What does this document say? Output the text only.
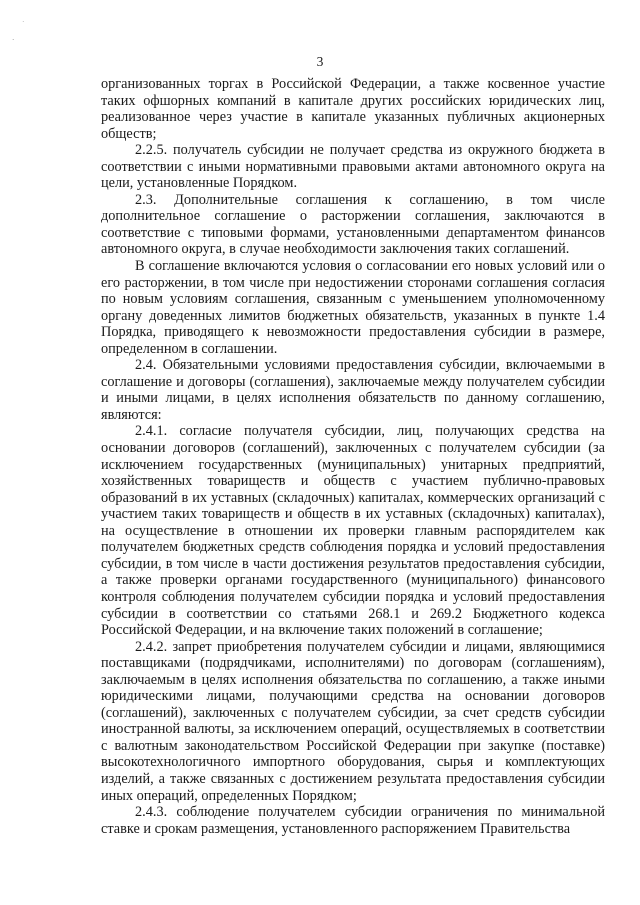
˙
·
3

организованных торгах в Российской Федерации, а также косвенное участие таких офшорных компаний в капитале других российских юридических лиц, реализованное через участие в капитале указанных публичных акционерных обществ;

2.2.5. получатель субсидии не получает средства из окружного бюджета в соответствии с иными нормативными правовыми актами автономного округа на цели, установленные Порядком.

2.3. Дополнительные соглашения к соглашению, в том числе дополнительное соглашение о расторжении соглашения, заключаются в соответствие с типовыми формами, установленными департаментом финансов автономного округа, в случае необходимости заключения таких соглашений.

В соглашение включаются условия о согласовании его новых условий или о его расторжении, в том числе при недостижении сторонами соглашения согласия по новым условиям соглашения, связанным с уменьшением уполномоченному органу доведенных лимитов бюджетных обязательств, указанных в пункте 1.4 Порядка, приводящего к невозможности предоставления субсидии в размере, определенном в соглашении.

2.4. Обязательными условиями предоставления субсидии, включаемыми в соглашение и договоры (соглашения), заключаемые между получателем субсидии и иными лицами, в целях исполнения обязательств по данному соглашению, являются:

2.4.1. согласие получателя субсидии, лиц, получающих средства на основании договоров (соглашений), заключенных с получателем субсидии (за исключением государственных (муниципальных) унитарных предприятий, хозяйственных товариществ и обществ с участием публично-правовых образований в их уставных (складочных) капиталах, коммерческих организаций с участием таких товариществ и обществ в их уставных (складочных) капиталах), на осуществление в отношении их проверки главным распорядителем как получателем бюджетных средств соблюдения порядка и условий предоставления субсидии, в том числе в части достижения результатов предоставления субсидии, а также проверки органами государственного (муниципального) финансового контроля соблюдения получателем субсидии порядка и условий предоставления субсидии в соответствии со статьями 268.1 и 269.2 Бюджетного кодекса Российской Федерации, и на включение таких положений в соглашение;

2.4.2. запрет приобретения получателем субсидии и лицами, являющимися поставщиками (подрядчиками, исполнителями) по договорам (соглашениям), заключаемым в целях исполнения обязательства по соглашению, а также иными юридическими лицами, получающими средства на основании договоров (соглашений), заключенных с получателем субсидии, за счет средств субсидии иностранной валюты, за исключением операций, осуществляемых в соответствии с валютным законодательством Российской Федерации при закупке (поставке) высокотехнологичного импортного оборудования, сырья и комплектующих изделий, а также связанных с достижением результата предоставления субсидии иных операций, определенных Порядком;

2.4.3. соблюдение получателем субсидии ограничения по минимальной ставке и срокам размещения, установленного распоряжением Правительства
